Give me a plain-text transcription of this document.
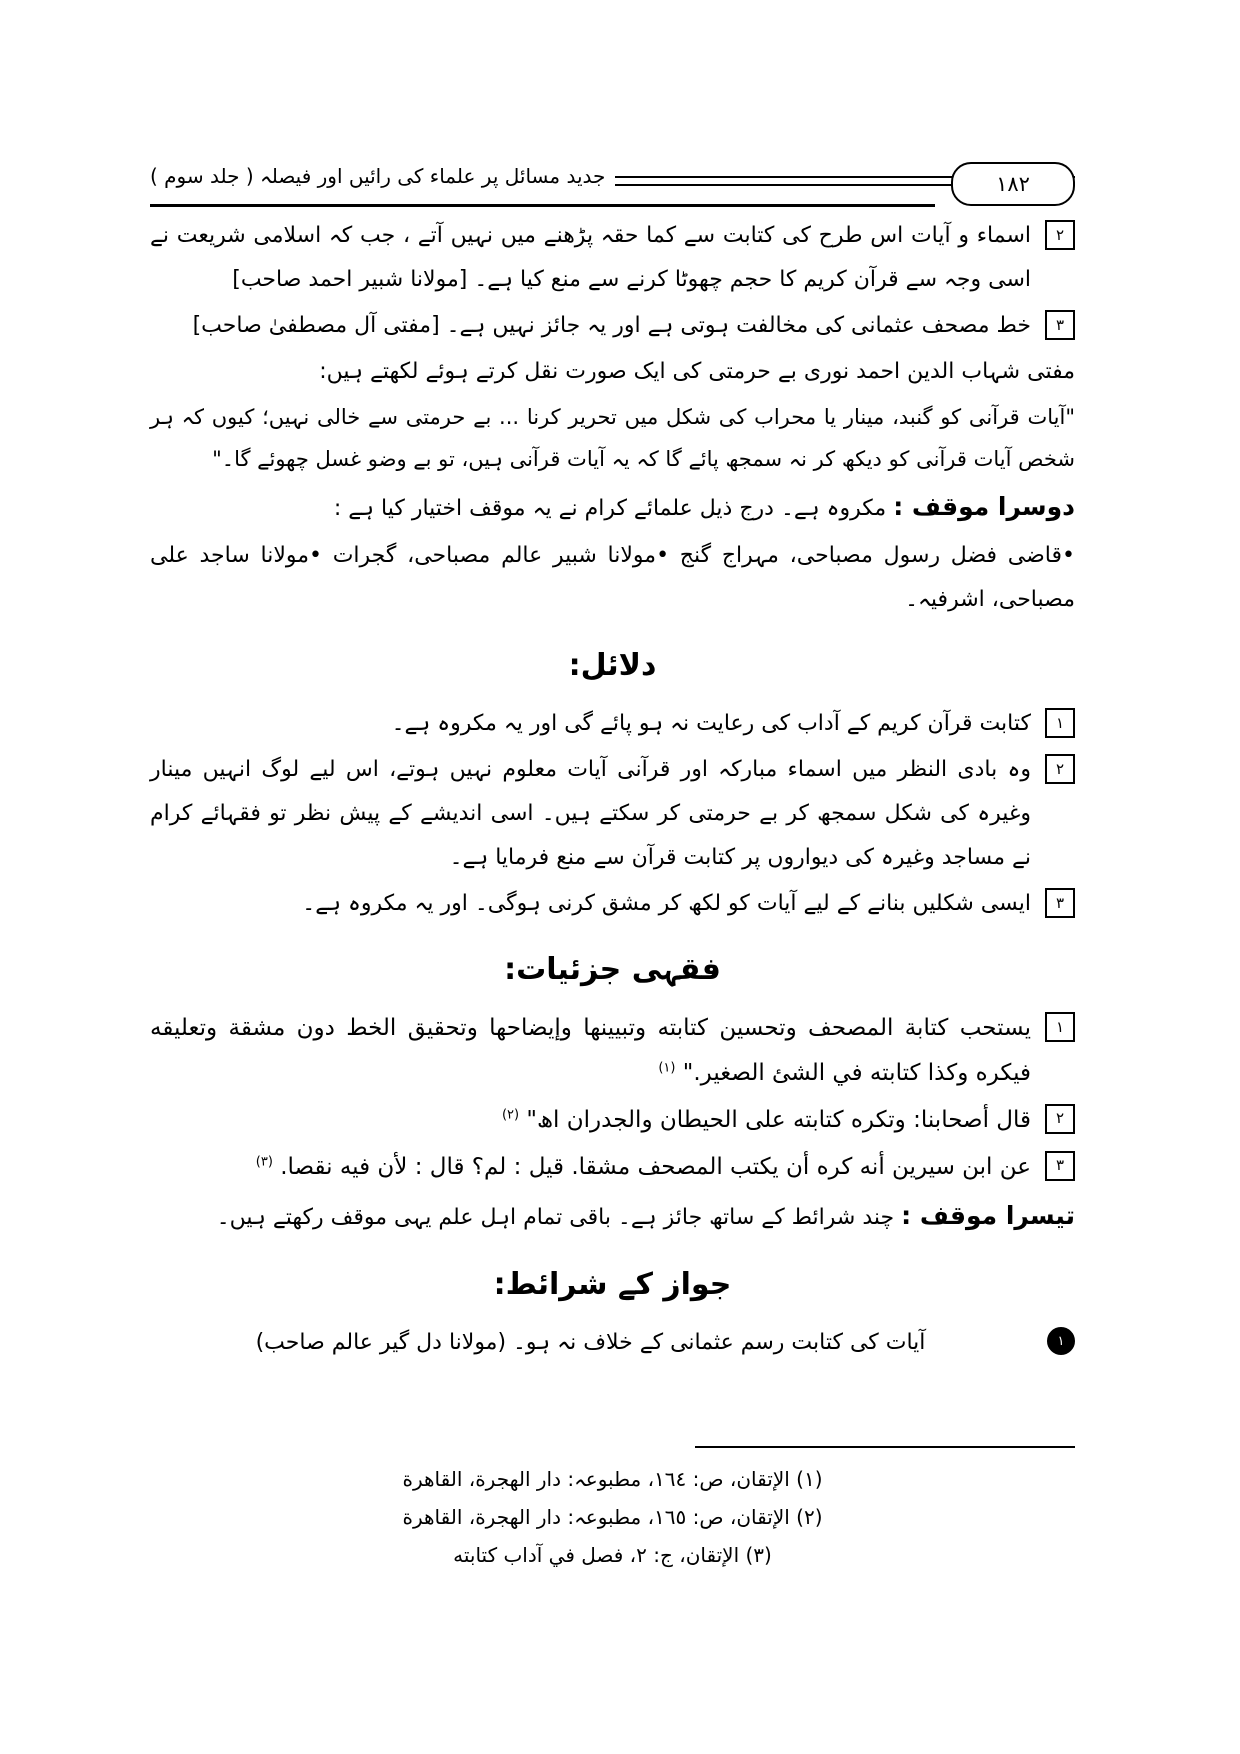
١٨٢
جدید مسائل پر علماء کی رائیں اور فیصلہ ( جلد سوم )
٢
اسماء و آیات اس طرح کی کتابت سے کما حقہ پڑھنے میں نہیں آتے ، جب کہ اسلامی شریعت نے اسی وجہ سے قرآن کریم کا حجم چھوٹا کرنے سے منع کیا ہے۔ [مولانا شبیر احمد صاحب]
٣
خط مصحف عثمانی کی مخالفت ہوتی ہے اور یہ جائز نہیں ہے۔ [مفتی آل مصطفیٰ صاحب]
مفتی شہاب الدین احمد نوری بے حرمتی کی ایک صورت نقل کرتے ہوئے لکھتے ہیں:
"آیات قرآنی کو گنبد، مینار یا محراب کی شکل میں تحریر کرنا ... بے حرمتی سے خالی نہیں؛ کیوں کہ ہر شخص آیات قرآنی کو دیکھ کر نہ سمجھ پائے گا کہ یہ آیات قرآنی ہیں، تو بے وضو غسل چھوئے گا۔"
دوسرا موقف : مکروہ ہے۔ درج ذیل علمائے کرام نے یہ موقف اختیار کیا ہے :
•قاضی فضل رسول مصباحی، مہراج گنج •مولانا شبیر عالم مصباحی، گجرات •مولانا ساجد علی مصباحی، اشرفیہ۔
دلائل:
١
کتابت قرآن کریم کے آداب کی رعایت نہ ہو پائے گی اور یہ مکروہ ہے۔
٢
وہ بادی النظر میں اسماء مبارکہ اور قرآنی آیات معلوم نہیں ہوتے، اس لیے لوگ انہیں مینار وغیرہ کی شکل سمجھ کر بے حرمتی کر سکتے ہیں۔ اسی اندیشے کے پیش نظر تو فقہائے کرام نے مساجد وغیرہ کی دیواروں پر کتابت قرآن سے منع فرمایا ہے۔
٣
ایسی شکلیں بنانے کے لیے آیات کو لکھ کر مشق کرنی ہوگی۔ اور یہ مکروہ ہے۔
فقہی جزئیات:
١
یستحب كتابة المصحف وتحسین كتابته وتبیینها وإیضاحها وتحقیق الخط دون مشقة وتعلیقه فیكره وكذا كتابته في الشئ الصغیر." $^{(١)}$
٢
قال أصحابنا: وتكره كتابته علی الحیطان والجدران اھ" $^{(٢)}$
٣
عن ابن سیرین أنه كره أن یكتب المصحف مشقا. قیل : لم؟ قال : لأن فیه نقصا. $^{(٣)}$
تیسرا موقف : چند شرائط کے ساتھ جائز ہے۔ باقی تمام اہل علم یہی موقف رکھتے ہیں۔
جواز کے شرائط:
١
آیات کی کتابت رسم عثمانی کے خلاف نہ ہو۔ (مولانا دل گیر عالم صاحب)
(١) الإتقان، ص: ١٦٤، مطبوعہ: دار الهجرة، القاهرة
(٢) الإتقان، ص: ١٦٥، مطبوعہ: دار الهجرة، القاهرة
(٣) الإتقان، ج: ٢، فصل في آداب كتابته
